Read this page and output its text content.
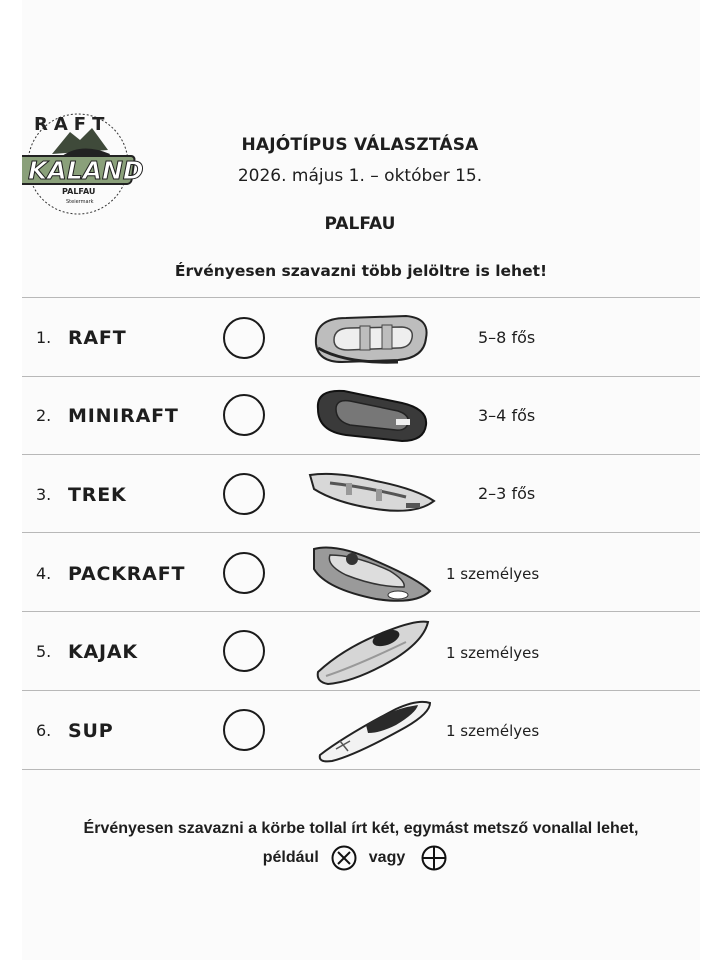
RAFT
KALAND
PALFAU
Steiermark
HAJÓTÍPUS VÁLASZTÁSA
2026. május 1. – október 15.
PALFAU
Érvényesen szavazni több jelöltre is lehet!
1. RAFT	5–8 fős
2. MINIRAFT	3–4 fős
3. TREK	2–3 fős
4. PACKRAFT	1 személyes
5. KAJAK	1 személyes
6. SUP	1 személyes
Érvényesen szavazni a körbe tollal írt két, egymást metsző vonallal lehet,
például	vagy
